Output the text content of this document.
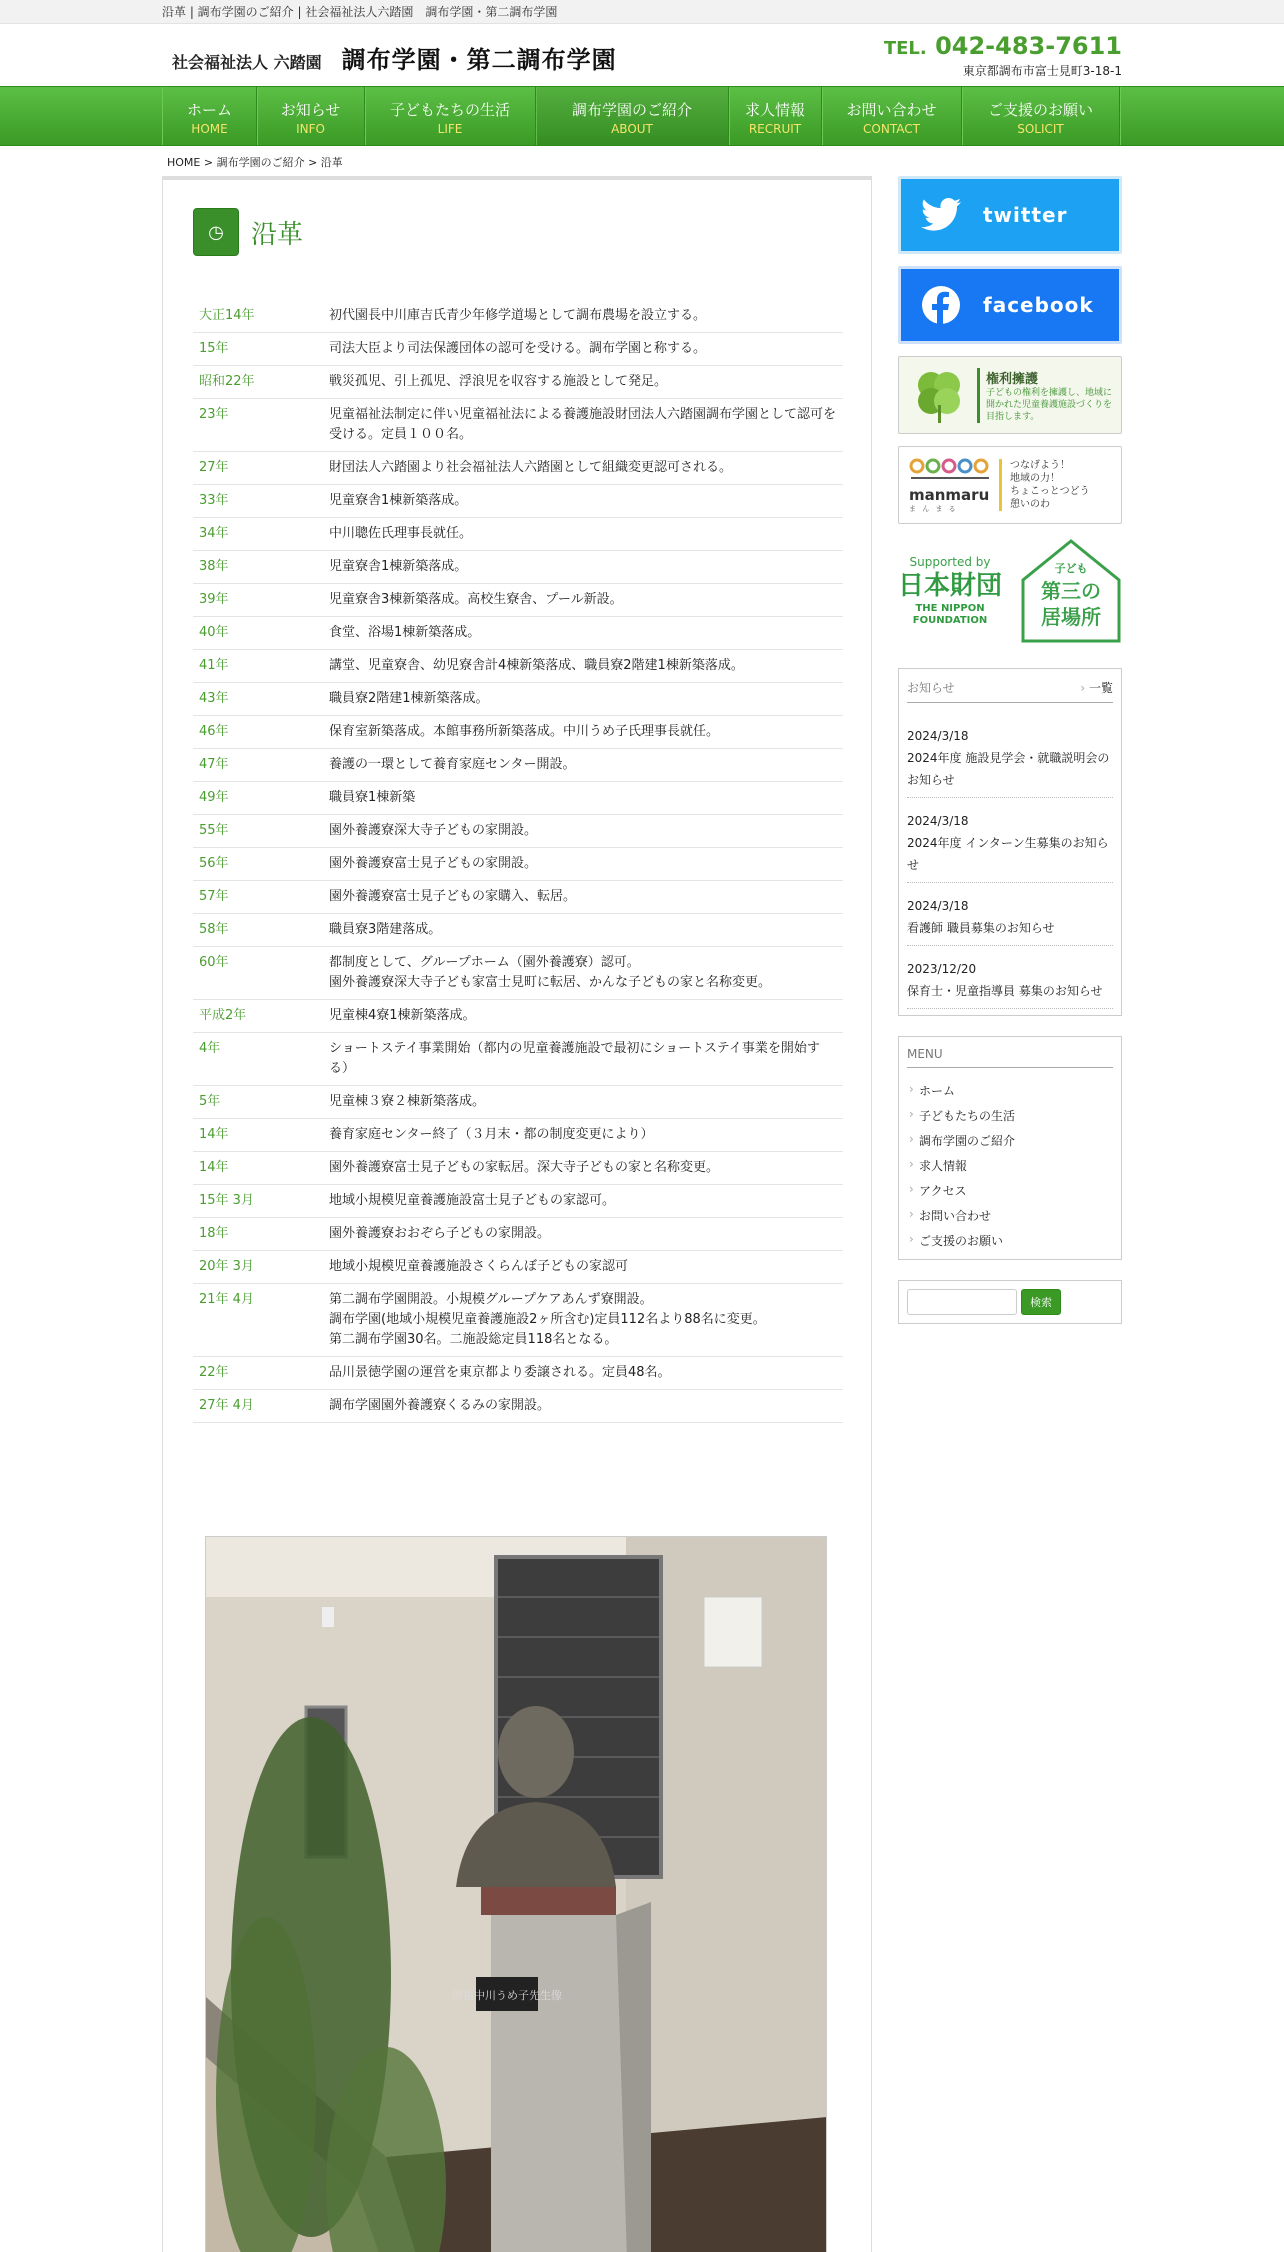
沿革 | 調布学園のご紹介 | 社会福祉法人六踏園　調布学園・第二調布学園
社会福祉法人 六踏園 調布学園・第二調布学園	TEL. 042-483-7611
東京都調布市富士見町3-18-1
ホーム
HOME
お知らせ
INFO
子どもたちの生活
LIFE
調布学園のご紹介
ABOUT
求人情報
RECRUIT
お問い合わせ
CONTACT
ご支援のお願い
SOLICIT
HOME > 調布学園のご紹介 > 沿革
◷	沿革
大正14年	初代園長中川庫吉氏青少年修学道場として調布農場を設立する。
15年	司法大臣より司法保護団体の認可を受ける。調布学園と称する。
昭和22年	戦災孤児、引上孤児、浮浪児を収容する施設として発足。
23年	児童福祉法制定に伴い児童福祉法による養護施設財団法人六踏園調布学園として認可を受ける。定員１００名。
27年	財団法人六踏園より社会福祉法人六踏園として組織変更認可される。
33年	児童寮舎1棟新築落成。
34年	中川聰佐氏理事長就任。
38年	児童寮舎1棟新築落成。
39年	児童寮舎3棟新築落成。高校生寮舎、プール新設。
40年	食堂、浴場1棟新築落成。
41年	講堂、児童寮舎、幼児寮舎計4棟新築落成、職員寮2階建1棟新築落成。
43年	職員寮2階建1棟新築落成。
46年	保育室新築落成。本館事務所新築落成。中川うめ子氏理事長就任。
47年	養護の一環として養育家庭センター開設。
49年	職員寮1棟新築
55年	園外養護寮深大寺子どもの家開設。
56年	園外養護寮富士見子どもの家開設。
57年	園外養護寮富士見子どもの家購入、転居。
58年	職員寮3階建落成。
60年	都制度として、グループホーム（園外養護寮）認可。
園外養護寮深大寺子ども家富士見町に転居、かんな子どもの家と名称変更。
平成2年	児童棟4寮1棟新築落成。
4年	ショートステイ事業開始（都内の児童養護施設で最初にショートステイ事業を開始する）
5年	児童棟３寮２棟新築落成。
14年	養育家庭センター終了（３月末・都の制度変更により）
14年	園外養護寮富士見子どもの家転居。深大寺子どもの家と名称変更。
15年 3月	地域小規模児童養護施設富士見子どもの家認可。
18年	園外養護寮おおぞら子どもの家開設。
20年 3月	地域小規模児童養護施設さくらんぼ子どもの家認可
21年 4月	第二調布学園開設。小規模グループケアあんず寮開設。
調布学園(地域小規模児童養護施設2ヶ所含む)定員112名より88名に変更。
第二調布学園30名。二施設総定員118名となる。
22年	品川景徳学園の運営を東京都より委譲される。定員48名。
27年 4月	調布学園園外養護寮くるみの家開設。
園祖中川うめ子先生像
twitter
facebook
権利擁護
子どもの権利を擁護し、地域に開かれた児童養護施設づくりを目指します。
manmaru
ま ん ま る
つなげよう！
地域の力！
ちょこっとつどう
憩いのわ
Supported by
日本財団
THE NIPPON FOUNDATION
子ども
第三の居場所
お知らせ	› 一覧
2024/3/18
2024年度 施設見学会・就職説明会のお知らせ
2024/3/18
2024年度 インターン生募集のお知らせ
2024/3/18
看護師 職員募集のお知らせ
2023/12/20
保育士・児童指導員 募集のお知らせ
MENU
› ホーム
› 子どもたちの生活
› 調布学園のご紹介
› 求人情報
› アクセス
› お問い合わせ
› ご支援のお願い
検索
